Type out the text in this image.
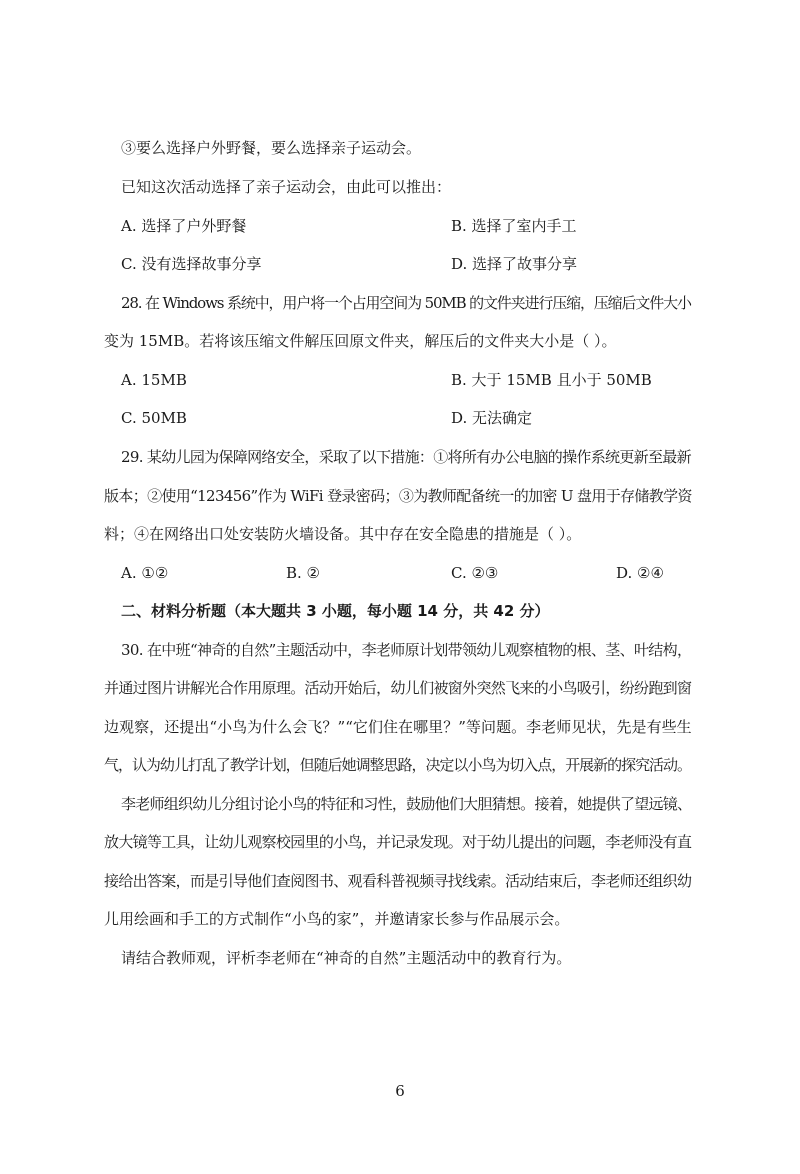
③要么选择户外野餐，要么选择亲子运动会。
已知这次活动选择了亲子运动会，由此可以推出：
A. 选择了户外野餐	B. 选择了室内手工
C. 没有选择故事分享	D. 选择了故事分享
28. 在 Windows 系统中，用户将一个占用空间为 50MB 的文件夹进行压缩，压缩后文件大小
变为 15MB。若将该压缩文件解压回原文件夹，解压后的文件夹大小是（ ）。
A. 15MB	B. 大于 15MB 且小于 50MB
C. 50MB	D. 无法确定
29. 某幼儿园为保障网络安全，采取了以下措施：①将所有办公电脑的操作系统更新至最新
版本；②使用“123456”作为 WiFi 登录密码；③为教师配备统一的加密 U 盘用于存储教学资
料；④在网络出口处安装防火墙设备。其中存在安全隐患的措施是（ ）。
A. ①②	B. ②	C. ②③	D. ②④
二、材料分析题（本大题共 3 小题，每小题 14 分，共 42 分）
30. 在中班“神奇的自然”主题活动中，李老师原计划带领幼儿观察植物的根、茎、叶结构，
并通过图片讲解光合作用原理。活动开始后，幼儿们被窗外突然飞来的小鸟吸引，纷纷跑到窗
边观察，还提出“小鸟为什么会飞？”“它们住在哪里？”等问题。李老师见状，先是有些生
气，认为幼儿打乱了教学计划，但随后她调整思路，决定以小鸟为切入点，开展新的探究活动。
李老师组织幼儿分组讨论小鸟的特征和习性，鼓励他们大胆猜想。接着，她提供了望远镜、
放大镜等工具，让幼儿观察校园里的小鸟，并记录发现。对于幼儿提出的问题，李老师没有直
接给出答案，而是引导他们查阅图书、观看科普视频寻找线索。活动结束后，李老师还组织幼
儿用绘画和手工的方式制作“小鸟的家”，并邀请家长参与作品展示会。
请结合教师观，评析李老师在“神奇的自然”主题活动中的教育行为。
6
